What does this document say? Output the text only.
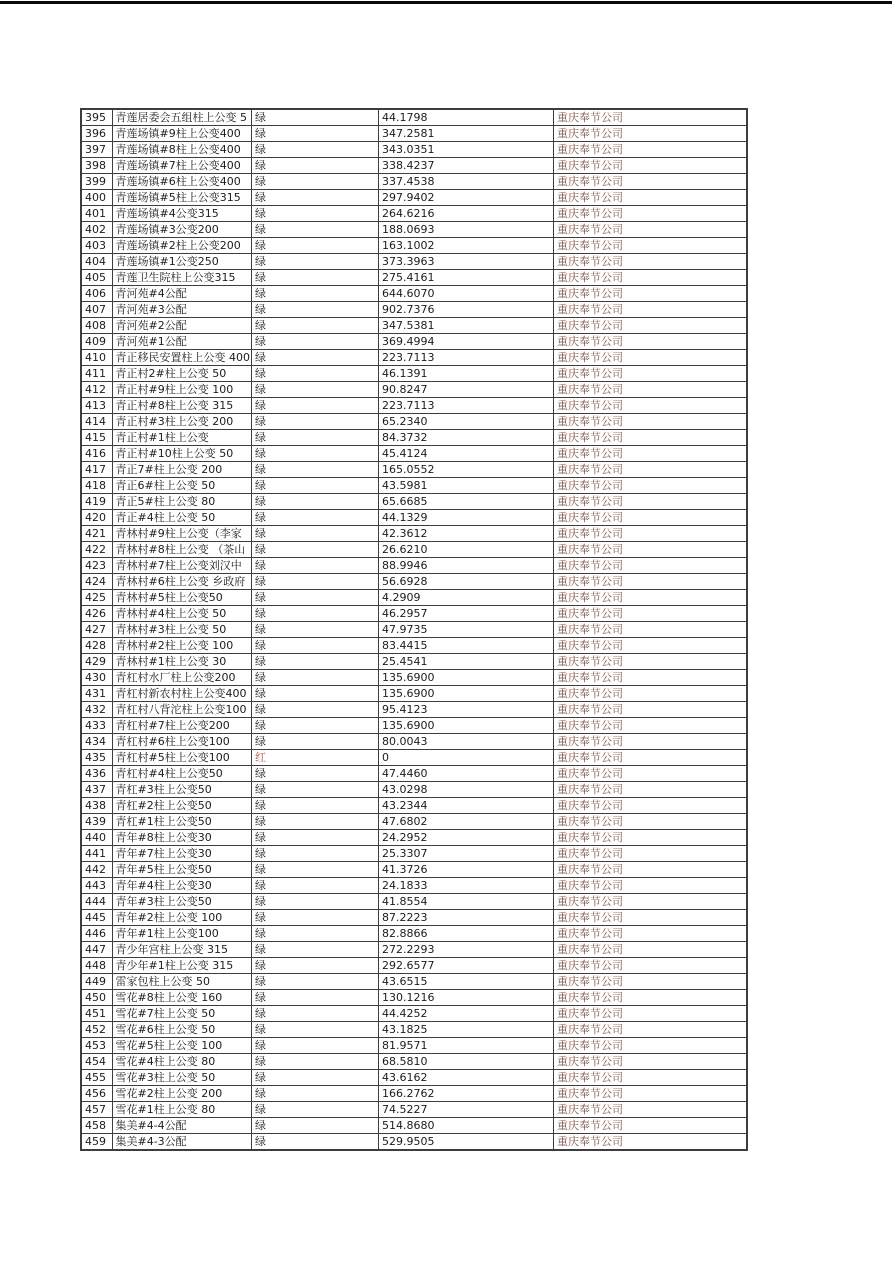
395	青莲居委会五组柱上公变 5	绿	44.1798	重庆奉节公司
396	青莲场镇#9柱上公变400	绿	347.2581	重庆奉节公司
397	青莲场镇#8柱上公变400	绿	343.0351	重庆奉节公司
398	青莲场镇#7柱上公变400	绿	338.4237	重庆奉节公司
399	青莲场镇#6柱上公变400	绿	337.4538	重庆奉节公司
400	青莲场镇#5柱上公变315	绿	297.9402	重庆奉节公司
401	青莲场镇#4公变315	绿	264.6216	重庆奉节公司
402	青莲场镇#3公变200	绿	188.0693	重庆奉节公司
403	青莲场镇#2柱上公变200	绿	163.1002	重庆奉节公司
404	青莲场镇#1公变250	绿	373.3963	重庆奉节公司
405	青莲卫生院柱上公变315	绿	275.4161	重庆奉节公司
406	青河苑#4公配	绿	644.6070	重庆奉节公司
407	青河苑#3公配	绿	902.7376	重庆奉节公司
408	青河苑#2公配	绿	347.5381	重庆奉节公司
409	青河苑#1公配	绿	369.4994	重庆奉节公司
410	青正移民安置柱上公变 400	绿	223.7113	重庆奉节公司
411	青正村2#柱上公变 50	绿	46.1391	重庆奉节公司
412	青正村#9柱上公变 100	绿	90.8247	重庆奉节公司
413	青正村#8柱上公变 315	绿	223.7113	重庆奉节公司
414	青正村#3柱上公变 200	绿	65.2340	重庆奉节公司
415	青正村#1柱上公变	绿	84.3732	重庆奉节公司
416	青正村#10柱上公变 50	绿	45.4124	重庆奉节公司
417	青正7#柱上公变 200	绿	165.0552	重庆奉节公司
418	青正6#柱上公变 50	绿	43.5981	重庆奉节公司
419	青正5#柱上公变 80	绿	65.6685	重庆奉节公司
420	青正#4柱上公变 50	绿	44.1329	重庆奉节公司
421	青林村#9柱上公变（李家	绿	42.3612	重庆奉节公司
422	青林村#8柱上公变 （茶山	绿	26.6210	重庆奉节公司
423	青林村#7柱上公变刘汉中	绿	88.9946	重庆奉节公司
424	青林村#6柱上公变 乡政府	绿	56.6928	重庆奉节公司
425	青林村#5柱上公变50	绿	4.2909	重庆奉节公司
426	青林村#4柱上公变 50	绿	46.2957	重庆奉节公司
427	青林村#3柱上公变 50	绿	47.9735	重庆奉节公司
428	青林村#2柱上公变 100	绿	83.4415	重庆奉节公司
429	青林村#1柱上公变 30	绿	25.4541	重庆奉节公司
430	青杠村水厂柱上公变200	绿	135.6900	重庆奉节公司
431	青杠村新农村柱上公变400	绿	135.6900	重庆奉节公司
432	青杠村八背沱柱上公变100	绿	95.4123	重庆奉节公司
433	青杠村#7柱上公变200	绿	135.6900	重庆奉节公司
434	青杠村#6柱上公变100	绿	80.0043	重庆奉节公司
435	青杠村#5柱上公变100	红	0	重庆奉节公司
436	青杠村#4柱上公变50	绿	47.4460	重庆奉节公司
437	青杠#3柱上公变50	绿	43.0298	重庆奉节公司
438	青杠#2柱上公变50	绿	43.2344	重庆奉节公司
439	青杠#1柱上公变50	绿	47.6802	重庆奉节公司
440	青年#8柱上公变30	绿	24.2952	重庆奉节公司
441	青年#7柱上公变30	绿	25.3307	重庆奉节公司
442	青年#5柱上公变50	绿	41.3726	重庆奉节公司
443	青年#4柱上公变30	绿	24.1833	重庆奉节公司
444	青年#3柱上公变50	绿	41.8554	重庆奉节公司
445	青年#2柱上公变 100	绿	87.2223	重庆奉节公司
446	青年#1柱上公变100	绿	82.8866	重庆奉节公司
447	青少年宫柱上公变 315	绿	272.2293	重庆奉节公司
448	青少年#1柱上公变 315	绿	292.6577	重庆奉节公司
449	雷家包柱上公变 50	绿	43.6515	重庆奉节公司
450	雪花#8柱上公变 160	绿	130.1216	重庆奉节公司
451	雪花#7柱上公变 50	绿	44.4252	重庆奉节公司
452	雪花#6柱上公变 50	绿	43.1825	重庆奉节公司
453	雪花#5柱上公变 100	绿	81.9571	重庆奉节公司
454	雪花#4柱上公变 80	绿	68.5810	重庆奉节公司
455	雪花#3柱上公变 50	绿	43.6162	重庆奉节公司
456	雪花#2柱上公变 200	绿	166.2762	重庆奉节公司
457	雪花#1柱上公变 80	绿	74.5227	重庆奉节公司
458	集美#4-4公配	绿	514.8680	重庆奉节公司
459	集美#4-3公配	绿	529.9505	重庆奉节公司
